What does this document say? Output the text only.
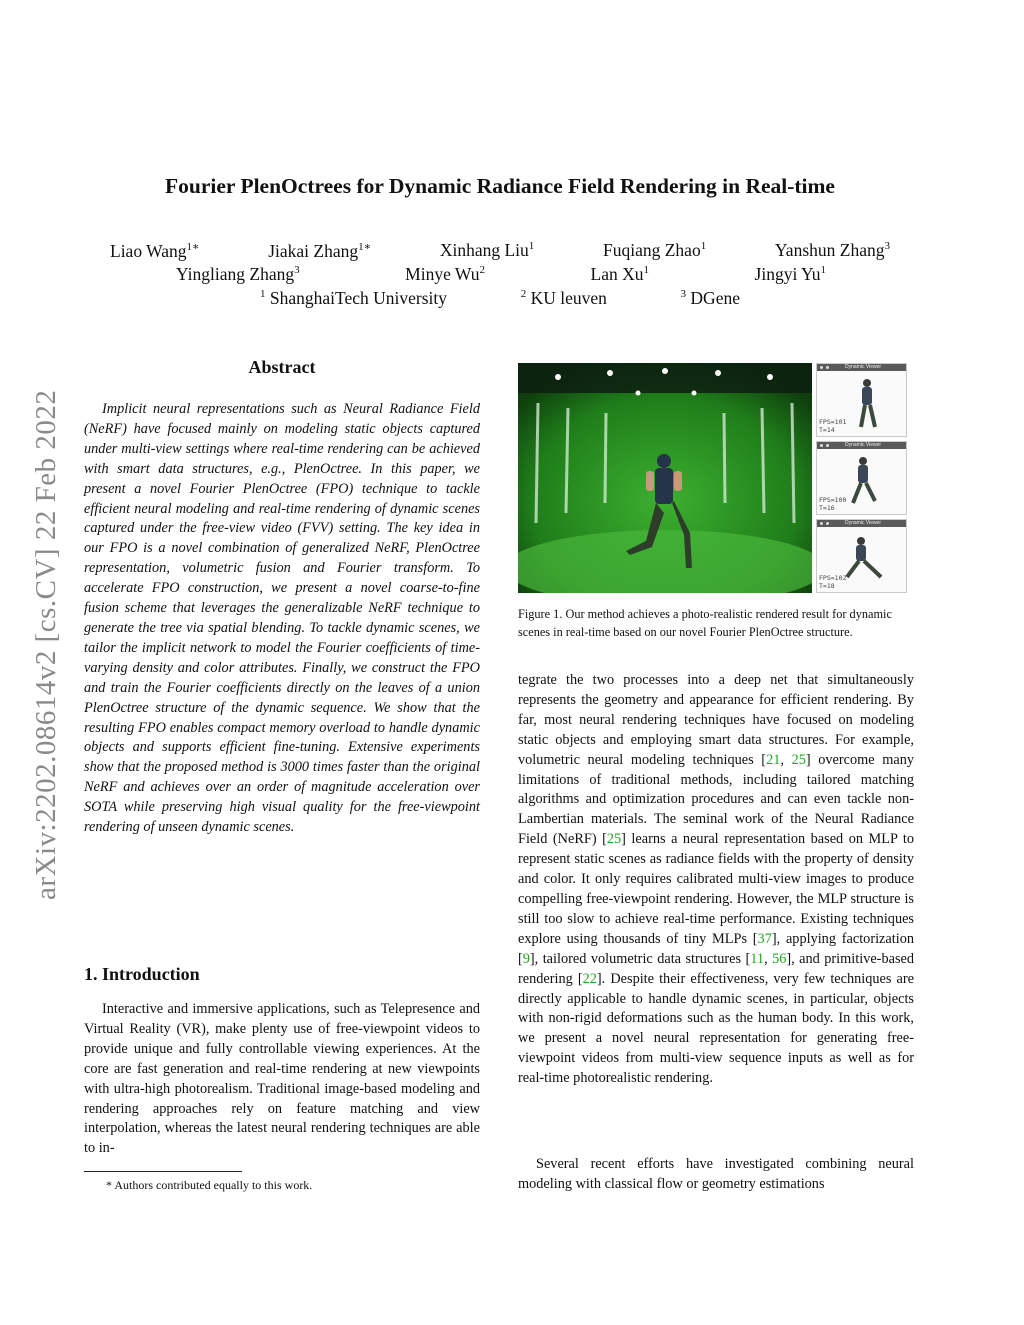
arXiv:2202.08614v2 [cs.CV] 22 Feb 2022
Fourier PlenOctrees for Dynamic Radiance Field Rendering in Real-time
Liao Wang$^{1∗}$	Jiakai Zhang$^{1∗}$	Xinhang Liu$^1$	Fuqiang Zhao$^1$	Yanshun Zhang$^3$
Yingliang Zhang$^3$	Minye Wu$^2$	Lan Xu$^1$	Jingyi Yu$^1$
$^1$ ShanghaiTech University	$^2$ KU leuven	$^3$ DGene
Abstract

Implicit neural representations such as Neural Radiance Field (NeRF) have focused mainly on modeling static objects captured under multi-view settings where real-time rendering can be achieved with smart data structures, e.g., PlenOctree. In this paper, we present a novel Fourier PlenOctree (FPO) technique to tackle efficient neural modeling and real-time rendering of dynamic scenes captured under the free-view video (FVV) setting. The key idea in our FPO is a novel combination of generalized NeRF, PlenOctree representation, volumetric fusion and Fourier transform. To accelerate FPO construction, we present a novel coarse-to-fine fusion scheme that leverages the generalizable NeRF technique to generate the tree via spatial blending. To tackle dynamic scenes, we tailor the implicit network to model the Fourier coefficients of time-varying density and color attributes. Finally, we construct the FPO and train the Fourier coefficients directly on the leaves of a union PlenOctree structure of the dynamic sequence. We show that the resulting FPO enables compact memory overload to handle dynamic objects and supports efficient fine-tuning. Extensive experiments show that the proposed method is 3000 times faster than the original NeRF and achieves over an order of magnitude acceleration over SOTA while preserving high visual quality for the free-viewpoint rendering of unseen dynamic scenes.

1. Introduction

Interactive and immersive applications, such as Telepresence and Virtual Reality (VR), make plenty use of free-viewpoint videos to provide unique and fully controllable viewing experiences. At the core are fast generation and real-time rendering at new viewpoints with ultra-high photorealism. Traditional image-based modeling and rendering approaches rely on feature matching and view interpolation, whereas the latest neural rendering techniques are able to in-

* Authors contributed equally to this work.
Dynamic Viewer
FPS=101
T=14
Dynamic Viewer
FPS=100
T=16
Dynamic Viewer
FPS=102
T=18

Figure 1. Our method achieves a photo-realistic rendered result for dynamic scenes in real-time based on our novel Fourier PlenOctree structure.

tegrate the two processes into a deep net that simultaneously represents the geometry and appearance for efficient rendering. By far, most neural rendering techniques have focused on modeling static objects and employing smart data structures. For example, volumetric neural modeling techniques [21, 25] overcome many limitations of traditional methods, including tailored matching algorithms and optimization procedures and can even tackle non-Lambertian materials. The seminal work of the Neural Radiance Field (NeRF) [25] learns a neural representation based on MLP to represent static scenes as radiance fields with the property of density and color. It only requires calibrated multi-view images to produce compelling free-viewpoint rendering. However, the MLP structure is still too slow to achieve real-time performance. Existing techniques explore using thousands of tiny MLPs [37], applying factorization [9], tailored volumetric data structures [11, 56], and primitive-based rendering [22]. Despite their effectiveness, very few techniques are directly applicable to handle dynamic scenes, in particular, objects with non-rigid deformations such as the human body. In this work, we present a novel neural representation for generating free-viewpoint videos from multi-view sequence inputs as well as for real-time photorealistic rendering.

Several recent efforts have investigated combining neural modeling with classical flow or geometry estimations
